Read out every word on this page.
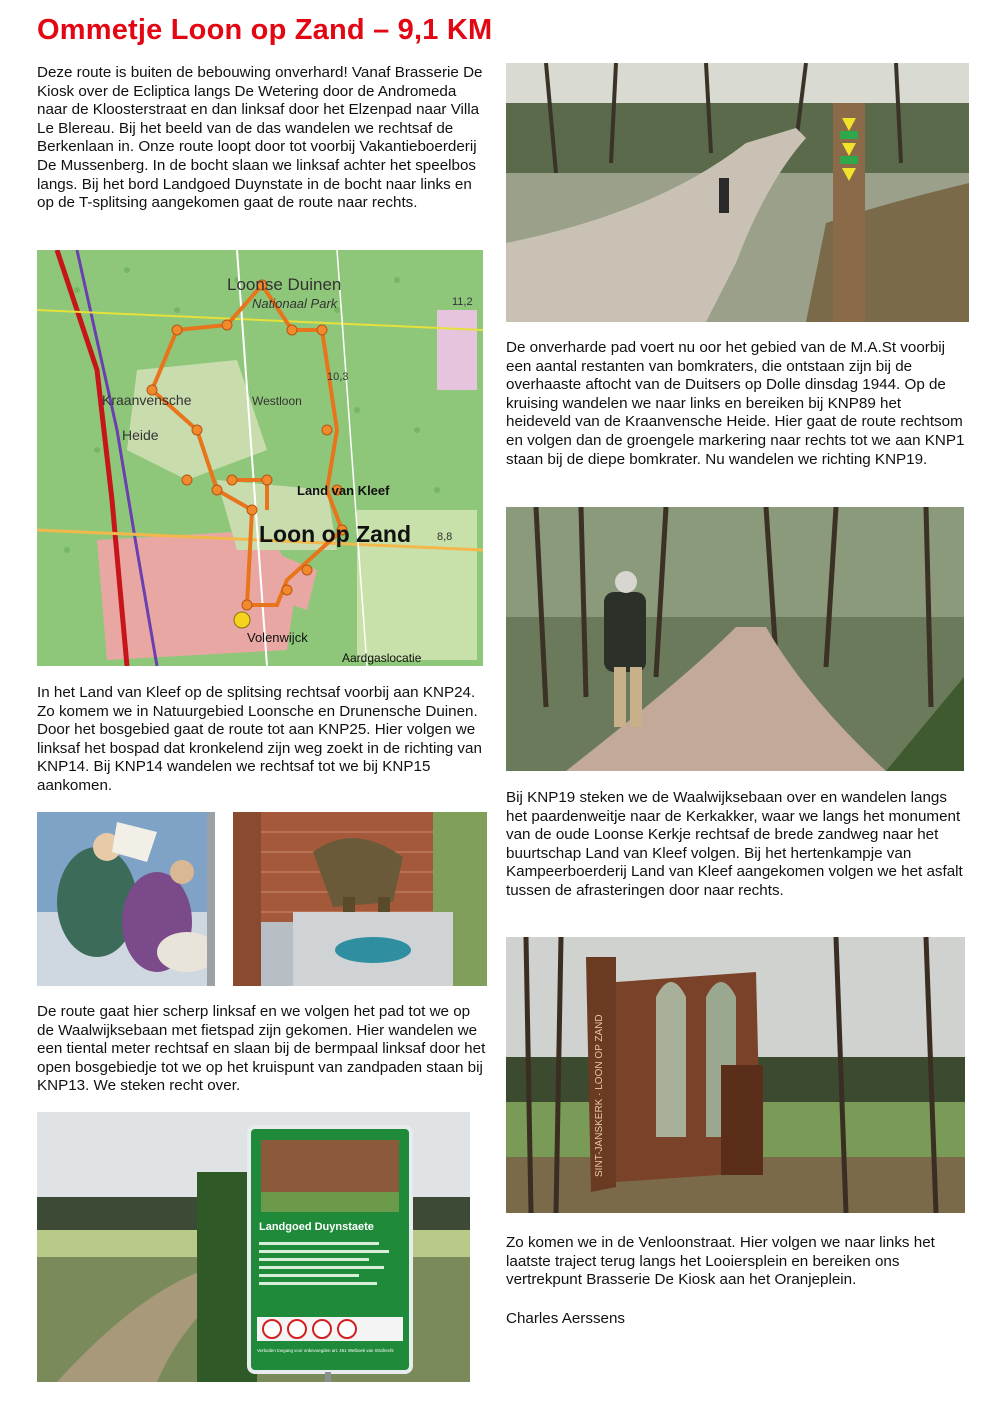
Ommetje Loon op Zand – 9,1 KM

Deze route is buiten de bebouwing onverhard! Vanaf Brasserie De Kiosk over de Ecliptica langs De Wetering door de Andromeda naar de Kloosterstraat en dan linksaf door het Elzenpad naar Villa Le Blereau. Bij het beeld van de das wandelen we rechtsaf de Berkenlaan in. Onze route loopt door tot voorbij Vakantieboerderij De Mussenberg. In de bocht slaan we linksaf achter het speelbos langs. Bij het bord Landgoed Duynstate in de bocht naar links en op de T-splitsing aangekomen gaat de route naar rechts.

Loonse Duinen
Nationaal Park
Kraanvensche
Heide
Westloon
Land van Kleef
Loon op Zand
Volenwijck
Aardgaslocatie
11,2
10,3
8,8

In het Land van Kleef op de splitsing rechtsaf voorbij aan KNP24. Zo komem we in Natuurgebied Loonsche en Drunensche Duinen. Door het bosgebied gaat de route tot aan KNP25. Hier volgen we linksaf het bospad dat kronkelend zijn weg zoekt in de richting van KNP14. Bij KNP14 wandelen we rechtsaf tot we bij KNP15 aankomen.

De route gaat hier scherp linksaf en we volgen het pad tot we op de Waalwijksebaan met fietspad zijn gekomen. Hier wandelen we een tiental meter rechtsaf en slaan bij de bermpaal linksaf door het open bosgebiedje tot we op het kruispunt van zandpaden staan bij KNP13. We steken recht over.

Landgoed Duynstaete
Verboden toegang voor onbevoegden art. 461 Wetboek van Strafrecht

De onverharde pad voert nu oor het gebied van de M.A.St voorbij een aantal restanten van bomkraters, die ontstaan zijn bij de overhaaste aftocht van de Duitsers op Dolle dinsdag 1944. Op de kruising wandelen we naar links en bereiken bij KNP89 het heideveld van de Kraanvensche Heide. Hier gaat de route rechtsom en volgen dan de groengele markering naar rechts tot we aan KNP1 staan bij de diepe bomkrater. Nu wandelen we richting KNP19.

Bij KNP19 steken we de Waalwijksebaan over en wandelen langs het paardenweitje naar de Kerkakker, waar we langs het monument van de oude Loonse Kerkje rechtsaf de brede zandweg naar het buurtschap Land van Kleef volgen. Bij het hertenkampje van Kampeerboerderij Land van Kleef aangekomen volgen we het asfalt tussen de afrasteringen door naar rechts.

SINT-JANSKERK · LOON OP ZAND

Zo komen we in de Venloonstraat. Hier volgen we naar links het laatste traject terug langs het Looiersplein en bereiken ons vertrekpunt Brasserie De Kiosk aan het Oranjeplein.

Charles Aerssens
